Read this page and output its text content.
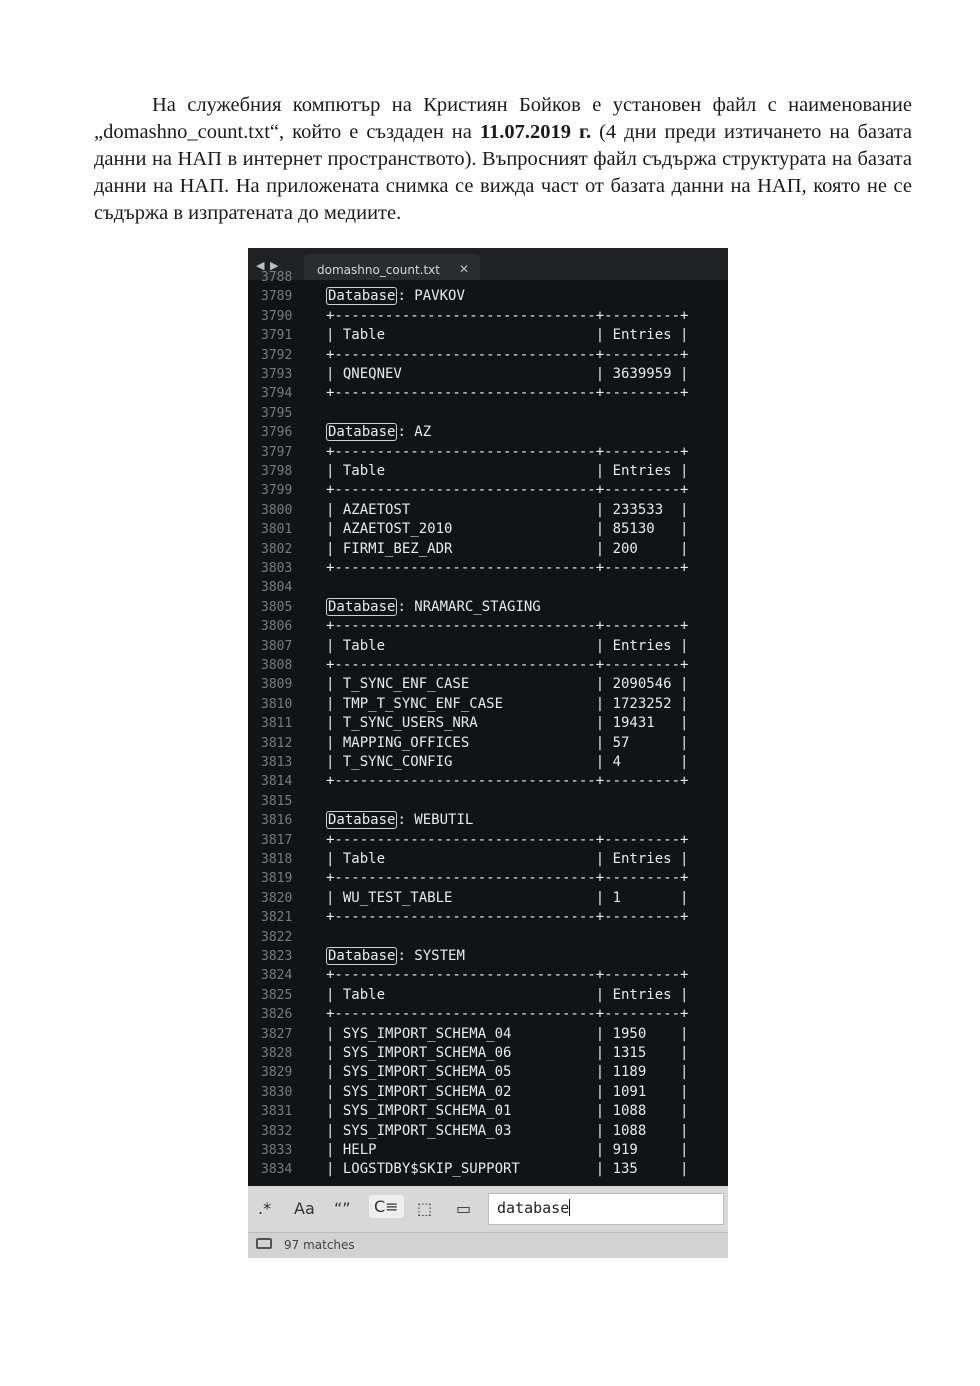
На служебния компютър на Кристиян Бойков е установен файл с наименование „domashno_count.txt“, който е създаден на 11.07.2019 г. (4 дни преди изтичането на базата данни на НАП в интернет пространството). Въпросният файл съдържа структурата на базата данни на НАП. На приложената снимка се вижда част от базата данни на НАП, която не се съдържа в изпратената до медиите.
◀ ▶	domashno_count.txt ✕
3788
3789	Database : PAVKOV
3790 +-------------------------------+---------+
3791 | Table                         | Entries |
3792 +-------------------------------+---------+
3793 | QNEQNEV                       | 3639959 |
3794 +-------------------------------+---------+
3795
3796	Database : AZ
3797 +-------------------------------+---------+
3798 | Table                         | Entries |
3799 +-------------------------------+---------+
3800 | AZAETOST                      | 233533  |
3801 | AZAETOST_2010                 | 85130   |
3802 | FIRMI_BEZ_ADR                 | 200     |
3803 +-------------------------------+---------+
3804
3805	Database : NRAMARC_STAGING
3806 +-------------------------------+---------+
3807 | Table                         | Entries |
3808 +-------------------------------+---------+
3809 | T_SYNC_ENF_CASE               | 2090546 |
3810 | TMP_T_SYNC_ENF_CASE           | 1723252 |
3811 | T_SYNC_USERS_NRA              | 19431   |
3812 | MAPPING_OFFICES               | 57      |
3813 | T_SYNC_CONFIG                 | 4       |
3814 +-------------------------------+---------+
3815
3816	Database : WEBUTIL
3817 +-------------------------------+---------+
3818 | Table                         | Entries |
3819 +-------------------------------+---------+
3820 | WU_TEST_TABLE                 | 1       |
3821 +-------------------------------+---------+
3822
3823	Database : SYSTEM
3824 +-------------------------------+---------+
3825 | Table                         | Entries |
3826 +-------------------------------+---------+
3827 | SYS_IMPORT_SCHEMA_04          | 1950    |
3828 | SYS_IMPORT_SCHEMA_06          | 1315    |
3829 | SYS_IMPORT_SCHEMA_05          | 1189    |
3830 | SYS_IMPORT_SCHEMA_02          | 1091    |
3831 | SYS_IMPORT_SCHEMA_01          | 1088    |
3832 | SYS_IMPORT_SCHEMA_03          | 1088    |
3833 | HELP                          | 919     |
3834 | LOGSTDBY$SKIP_SUPPORT         | 135     |
.* Aa “”	C≡	⬚ ▭ database
97 matches
